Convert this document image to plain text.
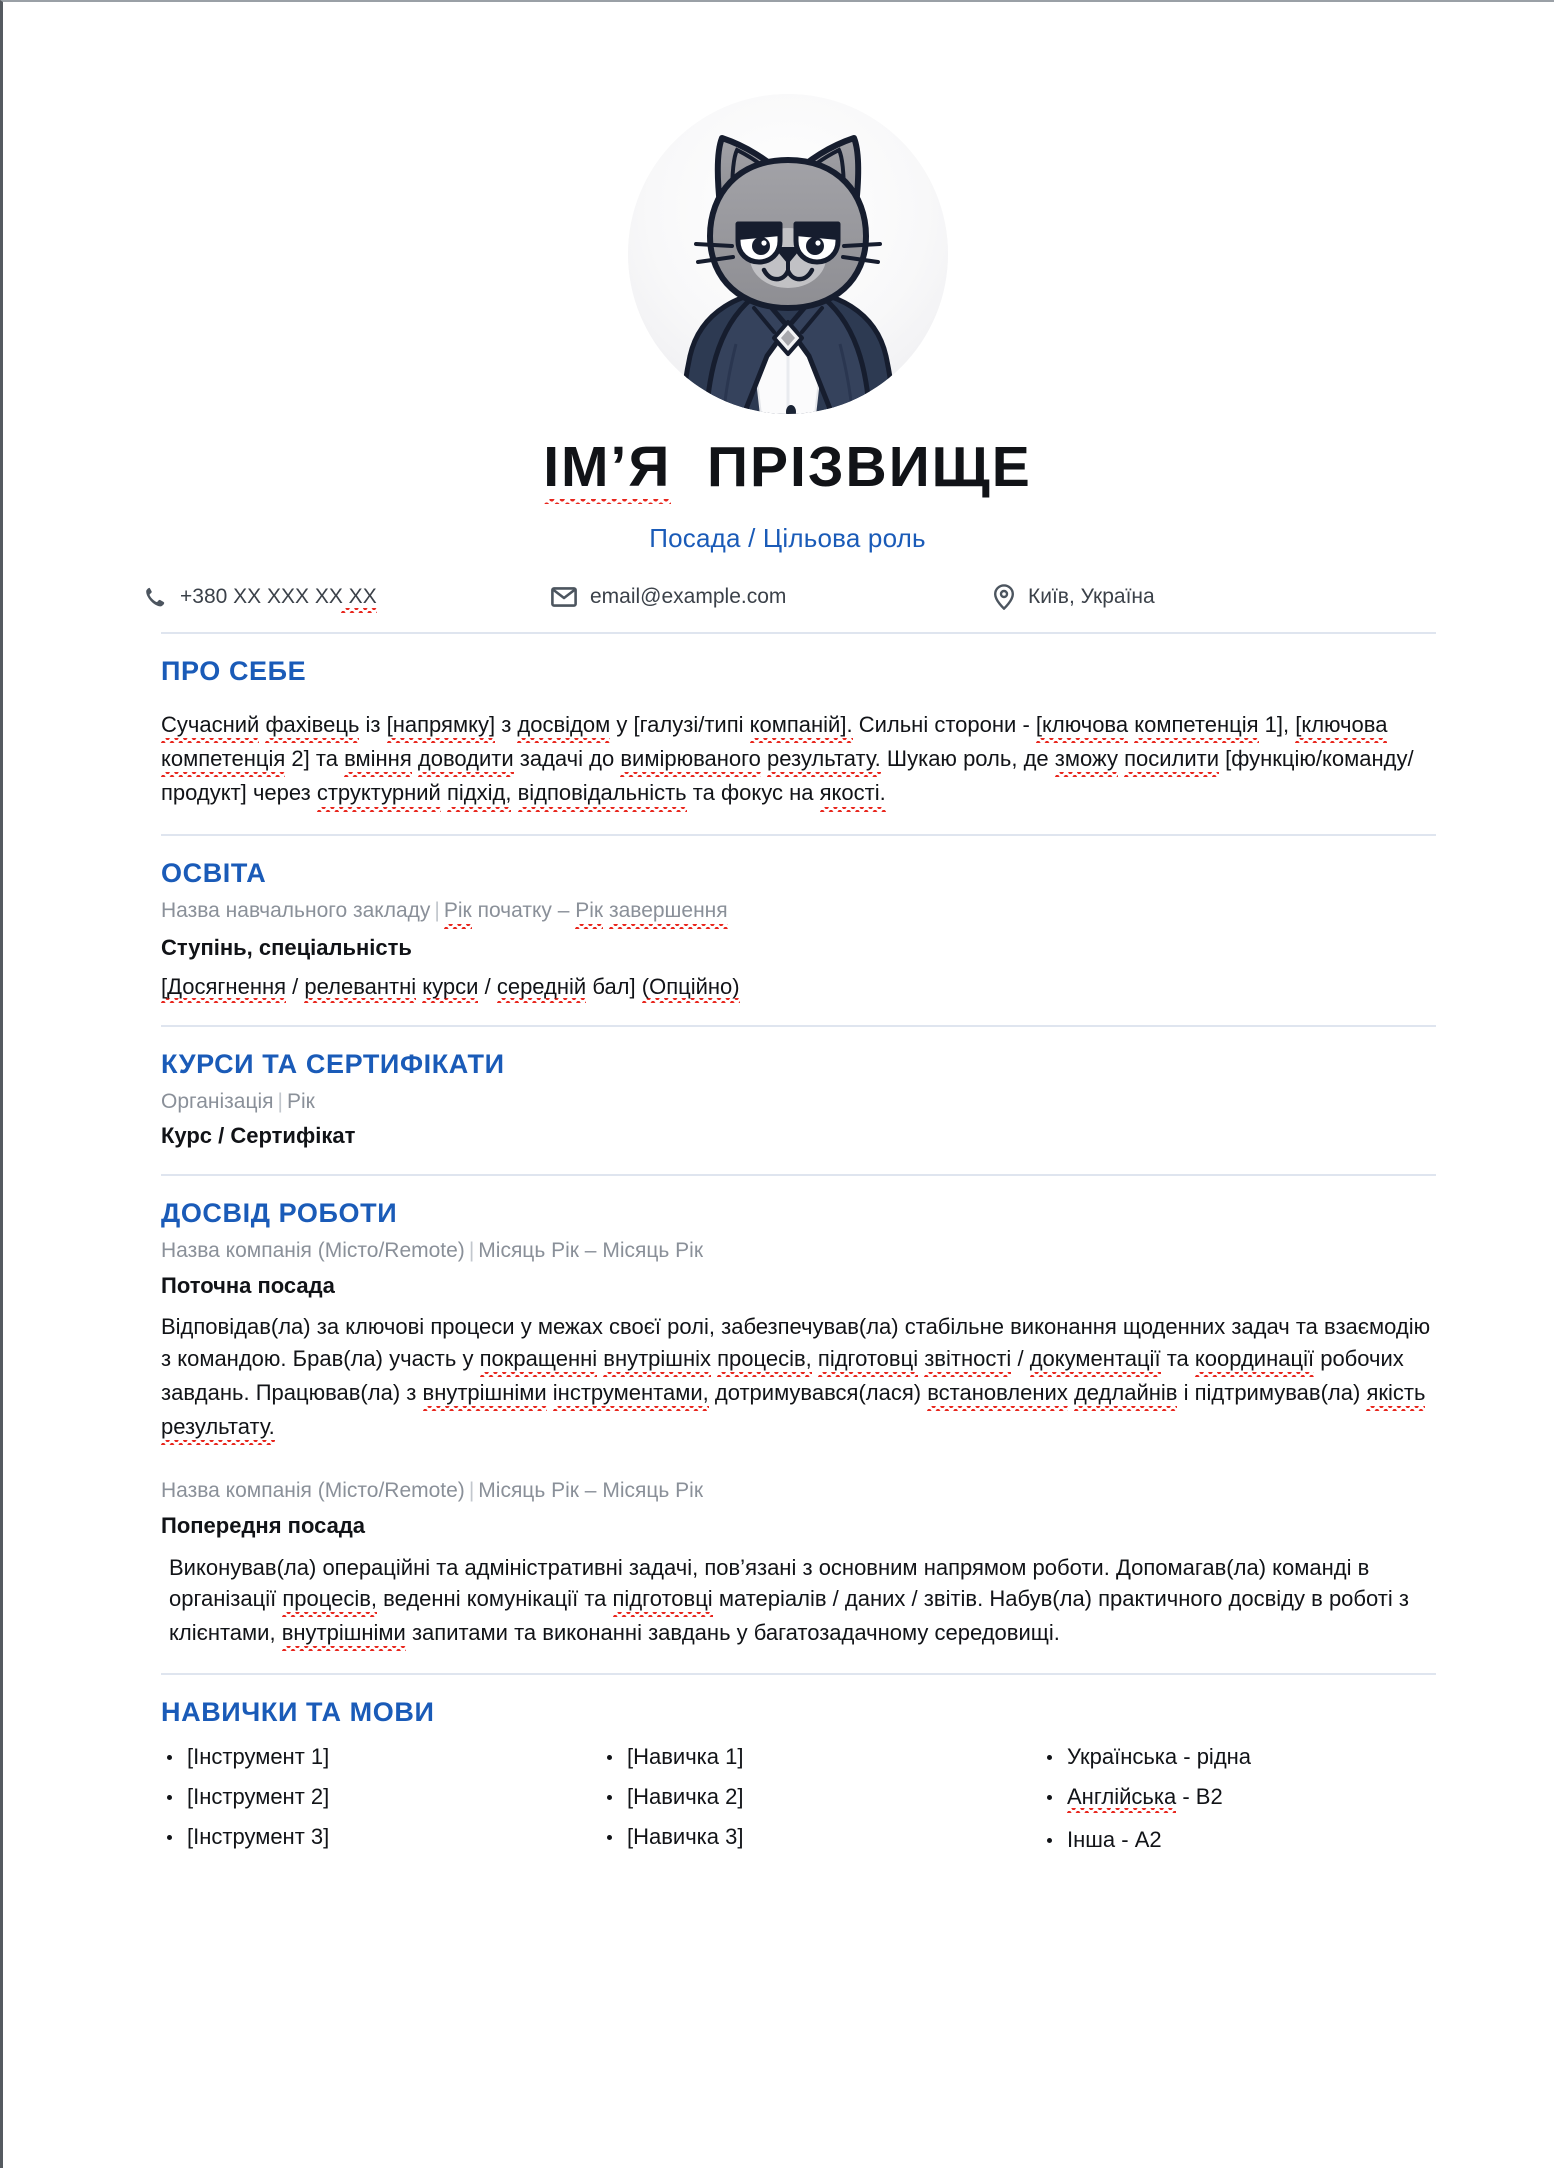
ІМ’Я ПРІЗВИЩЕ
Посада / Цільова роль
+380 XX XXX XX XX	email@example.com	Київ, Україна
ПРО СЕБЕ

Сучасний фахівець із [напрямку] з досвідом у [галузі/типі компаній]. Сильні сторони - [ключова компетенція 1], [ключова компетенція 2] та вміння доводити задачі до вимірюваного результату. Шукаю роль, де зможу посилити [функцію/команду/продукт] через структурний підхід, відповідальність та фокус на якості.

ОСВІТА
Назва навчального закладу | Рік початку – Рік завершення
Ступінь, спеціальність
[Досягнення / релевантні курси / середній бал] (Опційно)
КУРСИ ТА СЕРТИФІКАТИ
Організація | Рік
Курс / Сертифікат
ДОСВІД РОБОТИ
Назва компанія (Місто/Remote) | Місяць Рік – Місяць Рік
Поточна посада

Відповідав(ла) за ключові процеси у межах своєї ролі, забезпечував(ла) стабільне виконання щоденних задач та взаємодію з командою. Брав(ла) участь у покращенні внутрішніх процесів, підготовці звітності / документації та координації робочих завдань. Працював(ла) з внутрішніми інструментами, дотримувався(лася) встановлених дедлайнів і підтримував(ла) якість результату.

Назва компанія (Місто/Remote) | Місяць Рік – Місяць Рік
Попередня посада

Виконував(ла) операційні та адміністративні задачі, пов’язані з основним напрямом роботи. Допомагав(ла) команді в організації процесів, веденні комунікації та підготовці матеріалів / даних / звітів. Набув(ла) практичного досвіду в роботі з клієнтами, внутрішніми запитами та виконанні завдань у багатозадачному середовищі.

НАВИЧКИ ТА МОВИ
[Інструмент 1]
[Інструмент 2]
[Інструмент 3]
[Навичка 1]
[Навичка 2]
[Навичка 3]
Українська - рідна
Англійська - B2
Інша - A2
